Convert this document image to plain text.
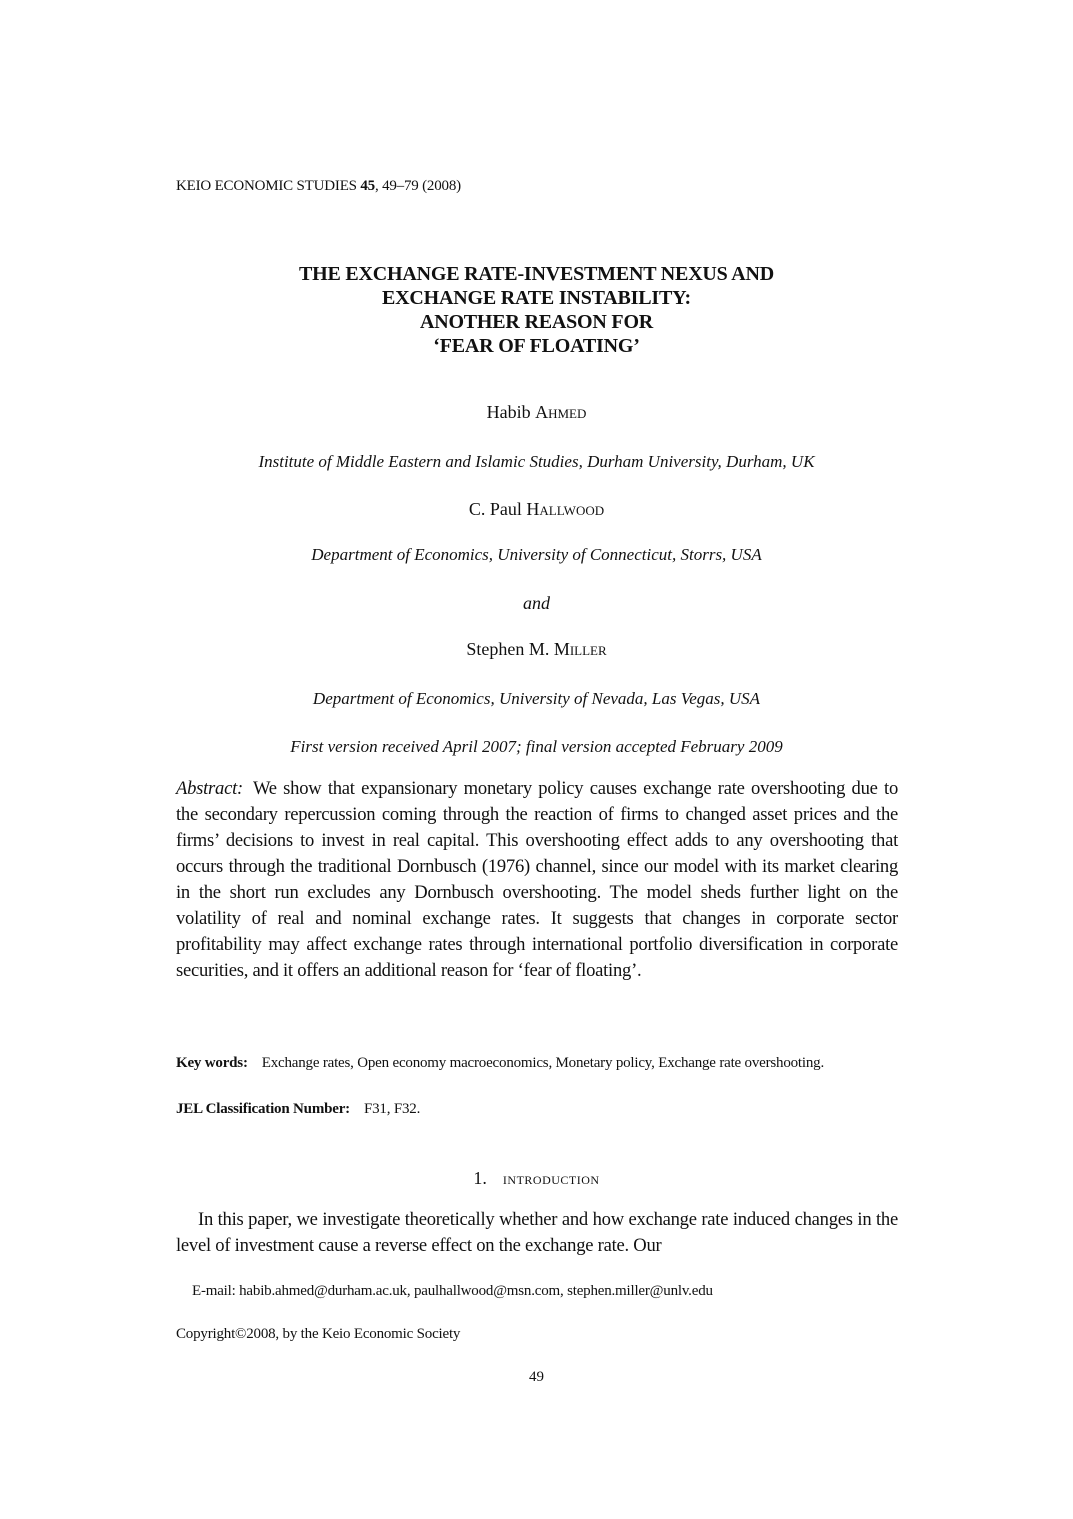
KEIO ECONOMIC STUDIES 45, 49–79 (2008)
THE EXCHANGE RATE-INVESTMENT NEXUS AND
EXCHANGE RATE INSTABILITY:
ANOTHER REASON FOR
‘FEAR OF FLOATING’
Habib Ahmed
Institute of Middle Eastern and Islamic Studies, Durham University, Durham, UK
C. Paul Hallwood
Department of Economics, University of Connecticut, Storrs, USA
and
Stephen M. Miller
Department of Economics, University of Nevada, Las Vegas, USA
First version received April 2007; final version accepted February 2009
Abstract: We show that expansionary monetary policy causes exchange rate overshooting due to the secondary repercussion coming through the reaction of firms to changed asset prices and the firms’ decisions to invest in real capital. This overshooting effect adds to any overshooting that occurs through the traditional Dornbusch (1976) channel, since our model with its market clearing in the short run excludes any Dornbusch overshooting. The model sheds further light on the volatility of real and nominal exchange rates. It suggests that changes in corporate sector profitability may affect exchange rates through international portfolio diversification in corporate securities, and it offers an additional reason for ‘fear of floating’.
Key words: Exchange rates, Open economy macroeconomics, Monetary policy, Exchange rate overshooting.
JEL Classification Number: F31, F32.
1. introduction
In this paper, we investigate theoretically whether and how exchange rate induced changes in the level of investment cause a reverse effect on the exchange rate. Our
E-mail: habib.ahmed@durham.ac.uk, paulhallwood@msn.com, stephen.miller@unlv.edu
Copyright©2008, by the Keio Economic Society
49
